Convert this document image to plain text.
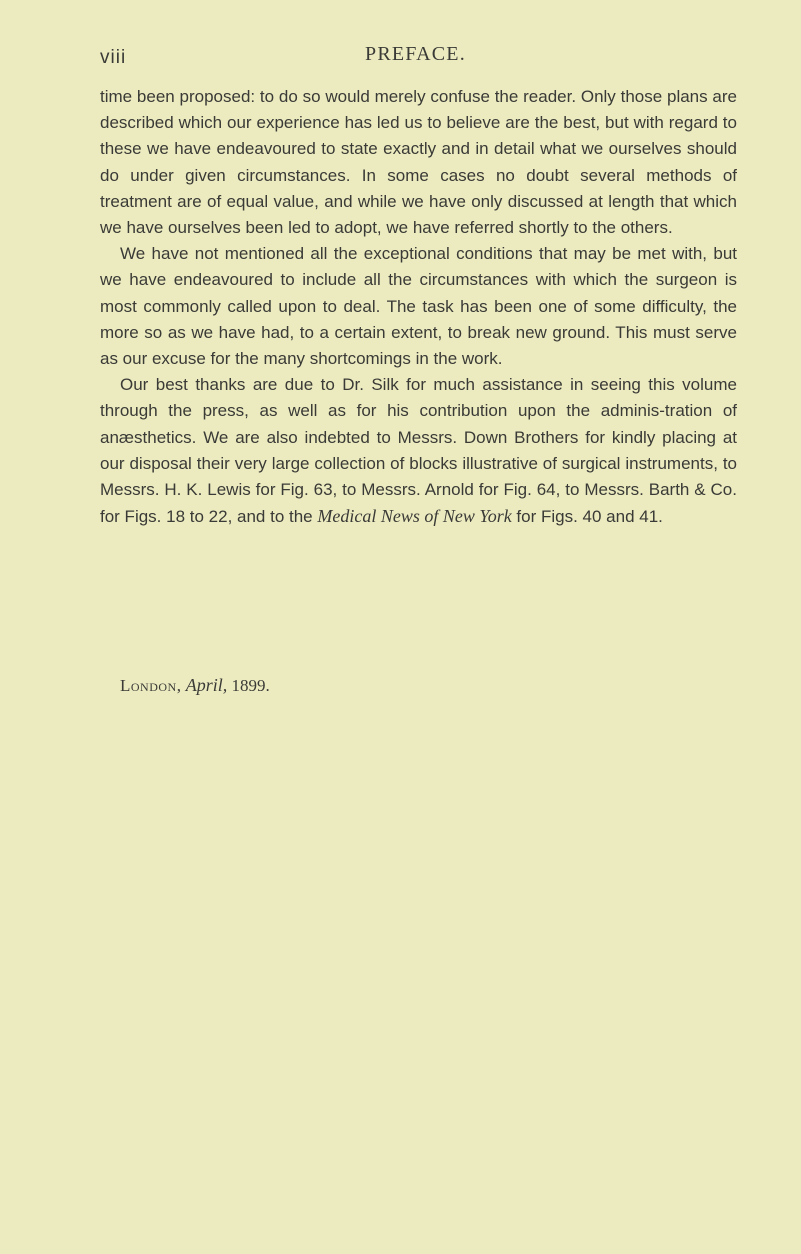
viii	PREFACE.

time been proposed: to do so would merely confuse the reader. Only those plans are described which our experience has led us to believe are the best, but with regard to these we have endeavoured to state exactly and in detail what we ourselves should do under given circumstances. In some cases no doubt several methods of treatment are of equal value, and while we have only discussed at length that which we have ourselves been led to adopt, we have referred shortly to the others.

We have not mentioned all the exceptional conditions that may be met with, but we have endeavoured to include all the circumstances with which the surgeon is most commonly called upon to deal. The task has been one of some difficulty, the more so as we have had, to a certain extent, to break new ground. This must serve as our excuse for the many shortcomings in the work.

Our best thanks are due to Dr. Silk for much assistance in seeing this volume through the press, as well as for his contribution upon the adminis-tration of anæsthetics. We are also indebted to Messrs. Down Brothers for kindly placing at our disposal their very large collection of blocks illustrative of surgical instruments, to Messrs. H. K. Lewis for Fig. 63, to Messrs. Arnold for Fig. 64, to Messrs. Barth & Co. for Figs. 18 to 22, and to the Medical News of New York for Figs. 40 and 41.

London, April, 1899.
